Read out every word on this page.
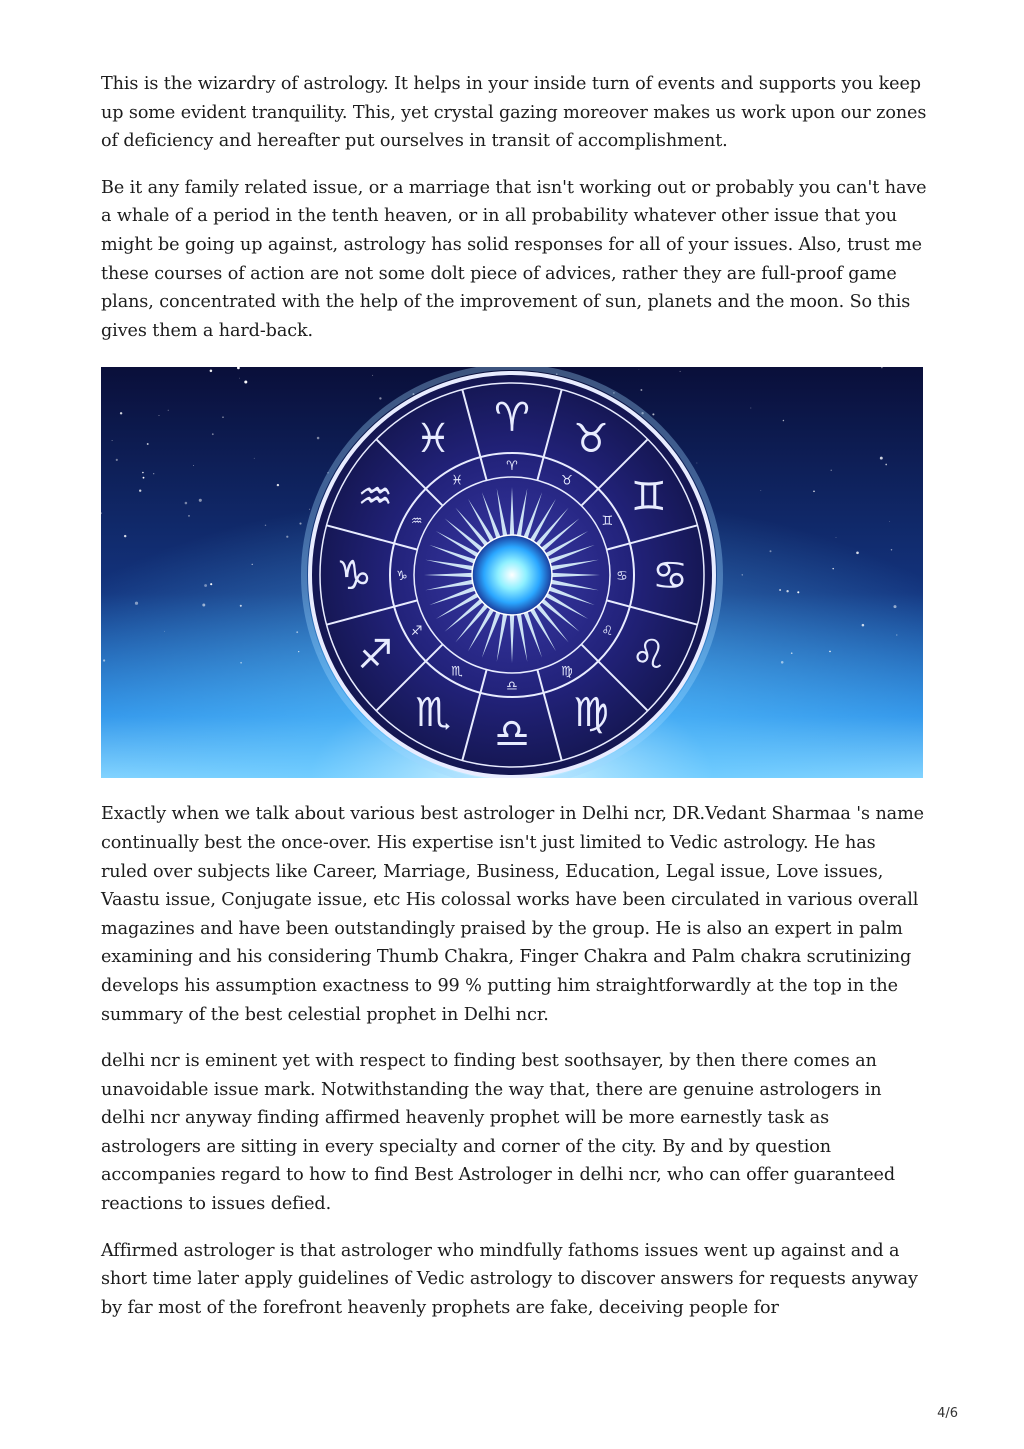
This is the wizardry of astrology. It helps in your inside turn of events and supports you keep up some evident tranquility. This, yet crystal gazing moreover makes us work upon our zones of deficiency and hereafter put ourselves in transit of accomplishment.

Be it any family related issue, or a marriage that isn't working out or probably you can't have a whale of a period in the tenth heaven, or in all probability whatever other issue that you might be going up against, astrology has solid responses for all of your issues. Also, trust me these courses of action are not some dolt piece of advices, rather they are full-proof game plans, concentrated with the help of the improvement of sun, planets and the moon. So this gives them a hard-back.

♈ ♉
♊
♋
♌
♍
♎
♏
♐
♑
♒
♓
♈
♉
♊
♋
♌
♍
♎
♏
♐
♑
♒
♓

Exactly when we talk about various best astrologer in Delhi ncr, DR.Vedant Sharmaa 's name continually best the once-over. His expertise isn't just limited to Vedic astrology. He has ruled over subjects like Career, Marriage, Business, Education, Legal issue, Love issues, Vaastu issue, Conjugate issue, etc His colossal works have been circulated in various overall magazines and have been outstandingly praised by the group. He is also an expert in palm examining and his considering Thumb Chakra, Finger Chakra and Palm chakra scrutinizing develops his assumption exactness to 99 % putting him straightforwardly at the top in the summary of the best celestial prophet in Delhi ncr.

delhi ncr is eminent yet with respect to finding best soothsayer, by then there comes an unavoidable issue mark. Notwithstanding the way that, there are genuine astrologers in delhi ncr anyway finding affirmed heavenly prophet will be more earnestly task as astrologers are sitting in every specialty and corner of the city. By and by question accompanies regard to how to find Best Astrologer in delhi ncr, who can offer guaranteed reactions to issues defied.

Affirmed astrologer is that astrologer who mindfully fathoms issues went up against and a short time later apply guidelines of Vedic astrology to discover answers for requests anyway by far most of the forefront heavenly prophets are fake, deceiving people for

4/6
